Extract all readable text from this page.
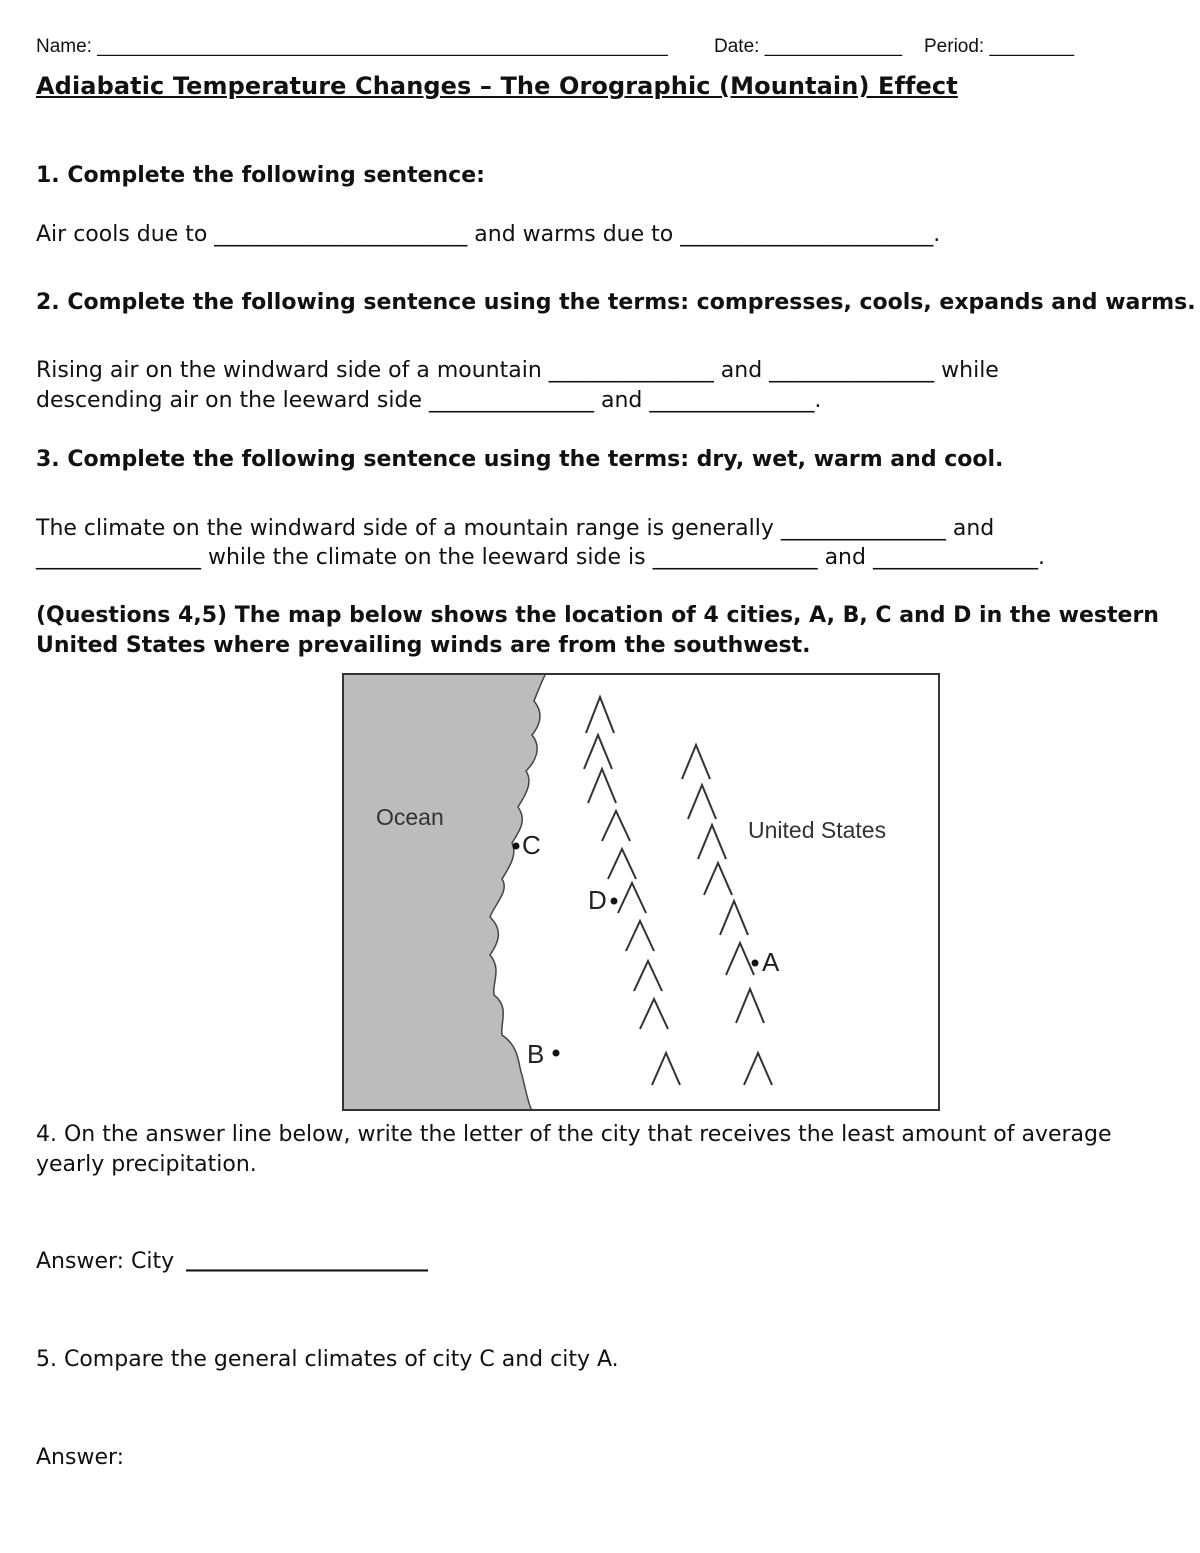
Name: ______________________________________________________ Date: _____________ Period: ________
Adiabatic Temperature Changes – The Orographic (Mountain) Effect
1. Complete the following sentence:
Air cools due to _______________________ and warms due to _______________________.
2. Complete the following sentence using the terms: compresses, cools, expands and warms.
Rising air on the windward side of a mountain _______________ and _______________ while
descending air on the leeward side _______________ and _______________.
3. Complete the following sentence using the terms: dry, wet, warm and cool.
The climate on the windward side of a mountain range is generally _______________ and
_______________ while the climate on the leeward side is _______________ and _______________.
(Questions 4,5) The map below shows the location of 4 cities, A, B, C and D in the western
United States where prevailing winds are from the southwest.
Ocean	United States
C
D
A
B
4. On the answer line below, write the letter of the city that receives the least amount of average
yearly precipitation.
Answer: City ______________________
5. Compare the general climates of city C and city A.
Answer:
